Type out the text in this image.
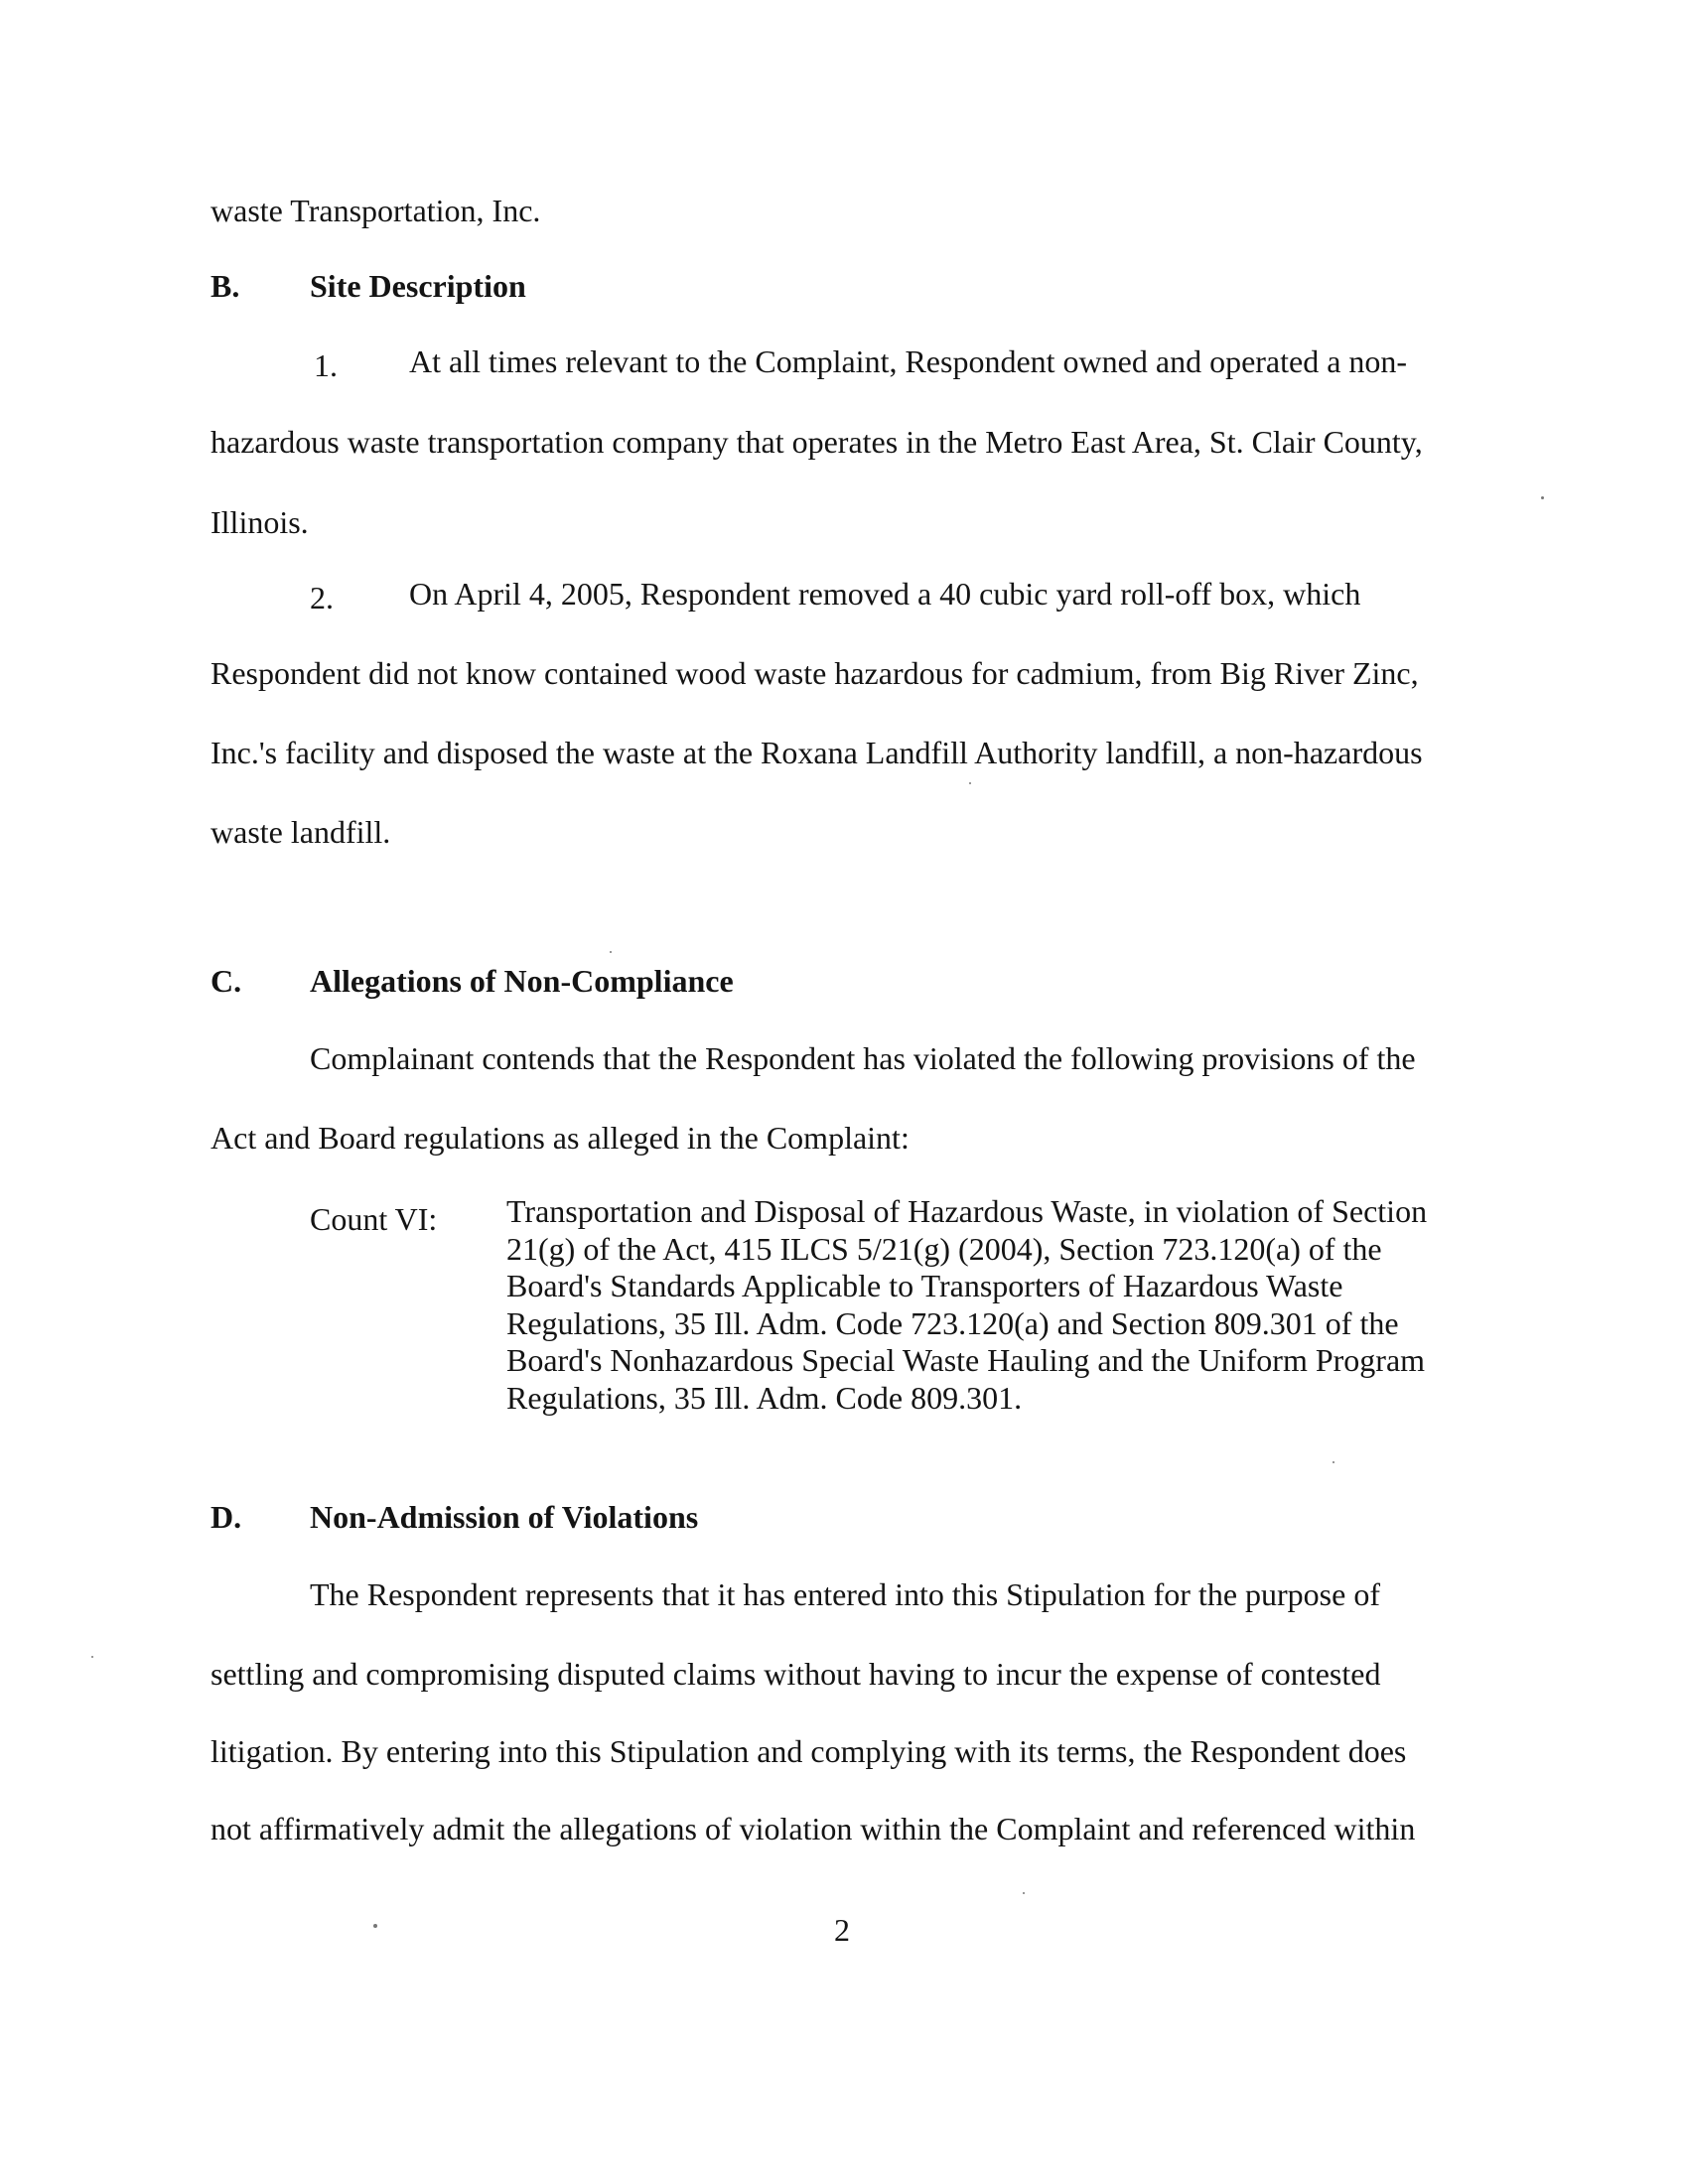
waste Transportation, Inc.
B. Site Description
1. At all times relevant to the Complaint, Respondent owned and operated a non-
hazardous waste transportation company that operates in the Metro East Area, St. Clair County,
Illinois.
2. On April 4, 2005, Respondent removed a 40 cubic yard roll-off box, which
Respondent did not know contained wood waste hazardous for cadmium, from Big River Zinc,
Inc.'s facility and disposed the waste at the Roxana Landfill Authority landfill, a non-hazardous
waste landfill.
C. Allegations of Non-Compliance
Complainant contends that the Respondent has violated the following provisions of the
Act and Board regulations as alleged in the Complaint:
Count VI: Transportation and Disposal of Hazardous Waste, in violation of Section
21(g) of the Act, 415 ILCS 5/21(g) (2004), Section 723.120(a) of the
Board's Standards Applicable to Transporters of Hazardous Waste
Regulations, 35 Ill. Adm. Code 723.120(a) and Section 809.301 of the
Board's Nonhazardous Special Waste Hauling and the Uniform Program
Regulations, 35 Ill. Adm. Code 809.301.
D. Non-Admission of Violations
The Respondent represents that it has entered into this Stipulation for the purpose of
settling and compromising disputed claims without having to incur the expense of contested
litigation. By entering into this Stipulation and complying with its terms, the Respondent does
not affirmatively admit the allegations of violation within the Complaint and referenced within
2
